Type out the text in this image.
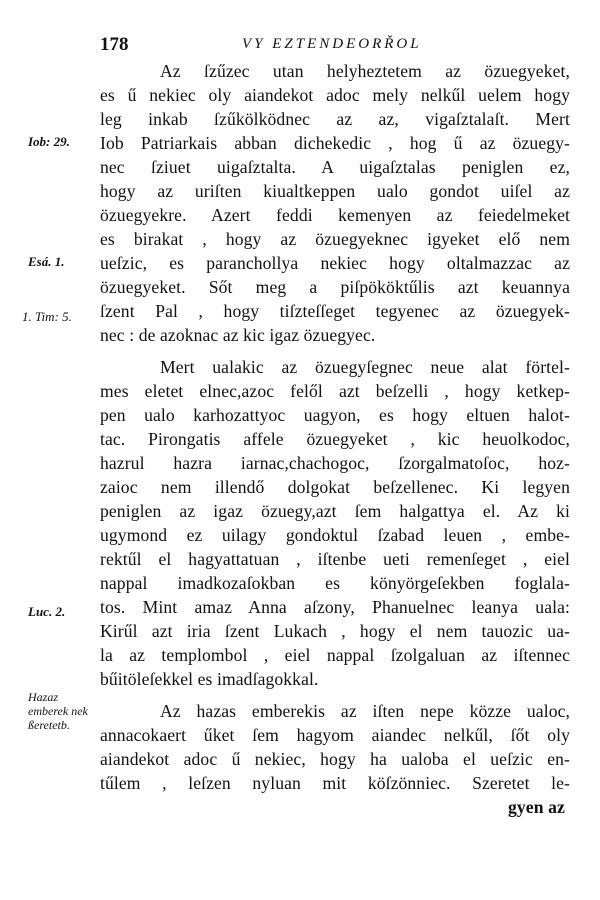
178	VY EZTENDEORŘOL
Iob: 29.
Esá. 1.
1. Tim: 5.
Luc. 2.
Hazaz emberek nek ßeretetb.
Az ſzűzec utan helyheztetem az özuegyeket,
es ű nekiec oly aiandekot adoc mely nelkűl uelem hogy
leg inkab ſzűkölködnec az az, vigaſztalaſt. Mert
Iob Patriarkais abban dichekedic , hog ű az özuegy-
nec ſziuet uigaſztalta. A uigaſztalas peniglen ez,
hogy az uriſten kiualtkeppen ualo gondot uiſel az
özuegyekre. Azert feddi kemenyen az feiedelmeket
es birakat , hogy az özuegyeknec igyeket elő nem
ueſzic, es paranchollya nekiec hogy oltalmazzac az
özuegyeket. Sőt meg a piſpököktűlis azt keuannya
ſzent Pal , hogy tiſzteſſeget tegyenec az özuegyek-
nec : de azoknac az kic igaz özuegyec.
Mert ualakic az özuegyſegnec neue alat förtel-
mes eletet elnec,azoc felől azt beſzelli , hogy ketkep-
pen ualo karhozattyoc uagyon, es hogy eltuen halot-
tac. Pirongatis affele özuegyeket , kic heuolkodoc,
hazrul hazra iarnac,chachogoc, ſzorgalmatoſoc, hoz-
zaioc nem illendő dolgokat beſzellenec. Ki legyen
peniglen az igaz özuegy,azt ſem halgattya el. Az ki
ugymond ez uilagy gondoktul ſzabad leuen , embe-
rektűl el hagyattatuan , iſtenbe ueti remenſeget , eiel
nappal imadkozaſokban es könyörgeſekben foglala-
tos. Mint amaz Anna aſzony, Phanuelnec leanya uala:
Kirűl azt iria ſzent Lukach , hogy el nem tauozic ua-
la az templombol , eiel nappal ſzolgaluan az iſtennec
bűitöleſekkel es imadſagokkal.
Az hazas emberekis az iſten nepe közze ualoc,
annacokaert űket ſem hagyom aiandec nelkűl, ſőt oly
aiandekot adoc ű nekiec, hogy ha ualoba el ueſzic en-
tűlem , leſzen nyluan mit köſzönniec. Szeretet le-
gyen az
